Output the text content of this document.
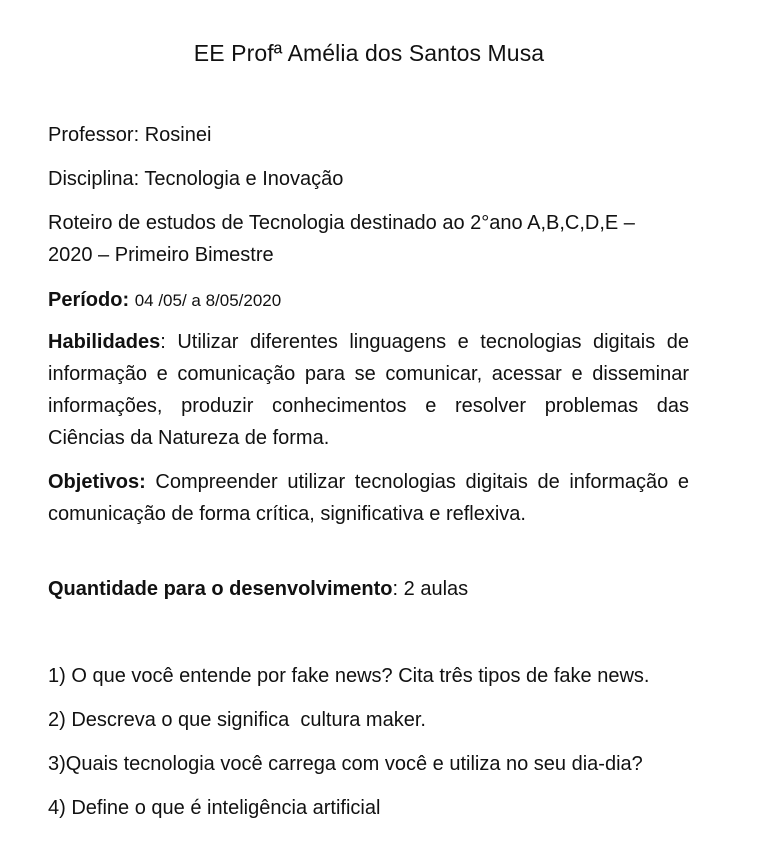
EE Profª Amélia dos Santos Musa
Professor: Rosinei
Disciplina: Tecnologia e Inovação
Roteiro de estudos de Tecnologia destinado ao 2°ano A,B,C,D,E –
2020 – Primeiro Bimestre
Período: 04 /05/ a 8/05/2020
Habilidades: Utilizar diferentes linguagens e tecnologias digitais de informação e comunicação para se comunicar, acessar e disseminar informações, produzir conhecimentos e resolver problemas das Ciências da Natureza de forma.
Objetivos: Compreender utilizar tecnologias digitais de informação e comunicação de forma crítica, significativa e reflexiva.
Quantidade para o desenvolvimento: 2 aulas
1) O que você entende por fake news? Cita três tipos de fake news.
2) Descreva o que significa  cultura maker.
3)Quais tecnologia você carrega com você e utiliza no seu dia-dia?
4) Define o que é inteligência artificial
